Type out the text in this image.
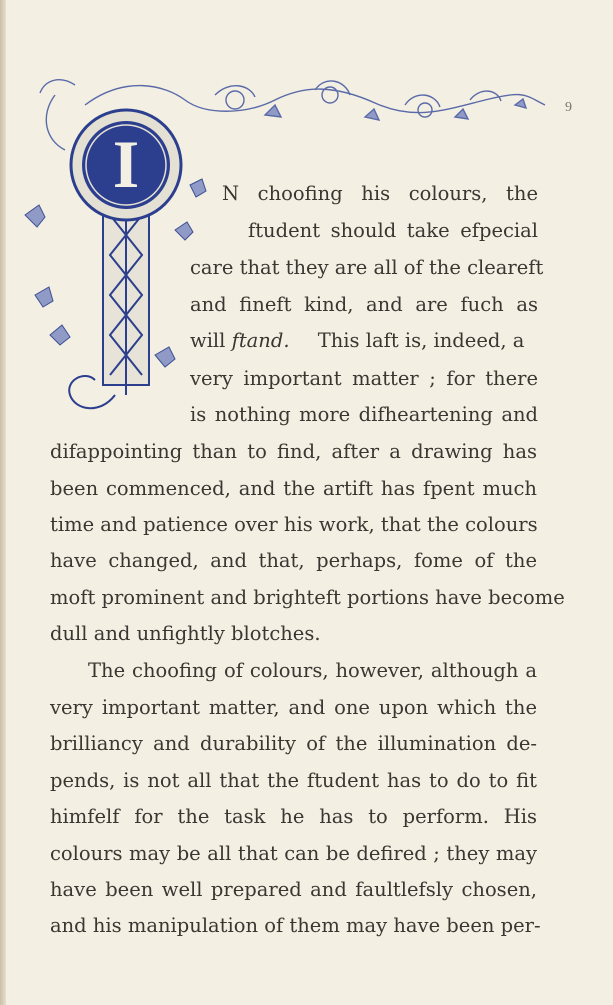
9
I	N choofing his colours, the
ftudent should take efpecial
care that they are all of the cleareft
and fineft kind, and are fuch as
will ftand. This laft is, indeed, a
very important matter ; for there
is nothing more difheartening and
difappointing than to find, after a drawing has
been commenced, and the artift has fpent much
time and patience over his work, that the colours
have changed, and that, perhaps, fome of the
moft prominent and brighteft portions have become
dull and unfightly blotches.
The choofing of colours, however, although a
very important matter, and one upon which the
brilliancy and durability of the illumination de-
pends, is not all that the ftudent has to do to fit
himfelf for the task he has to perform. His
colours may be all that can be defired ; they may
have been well prepared and faultlefsly chosen,
and his manipulation of them may have been per-
